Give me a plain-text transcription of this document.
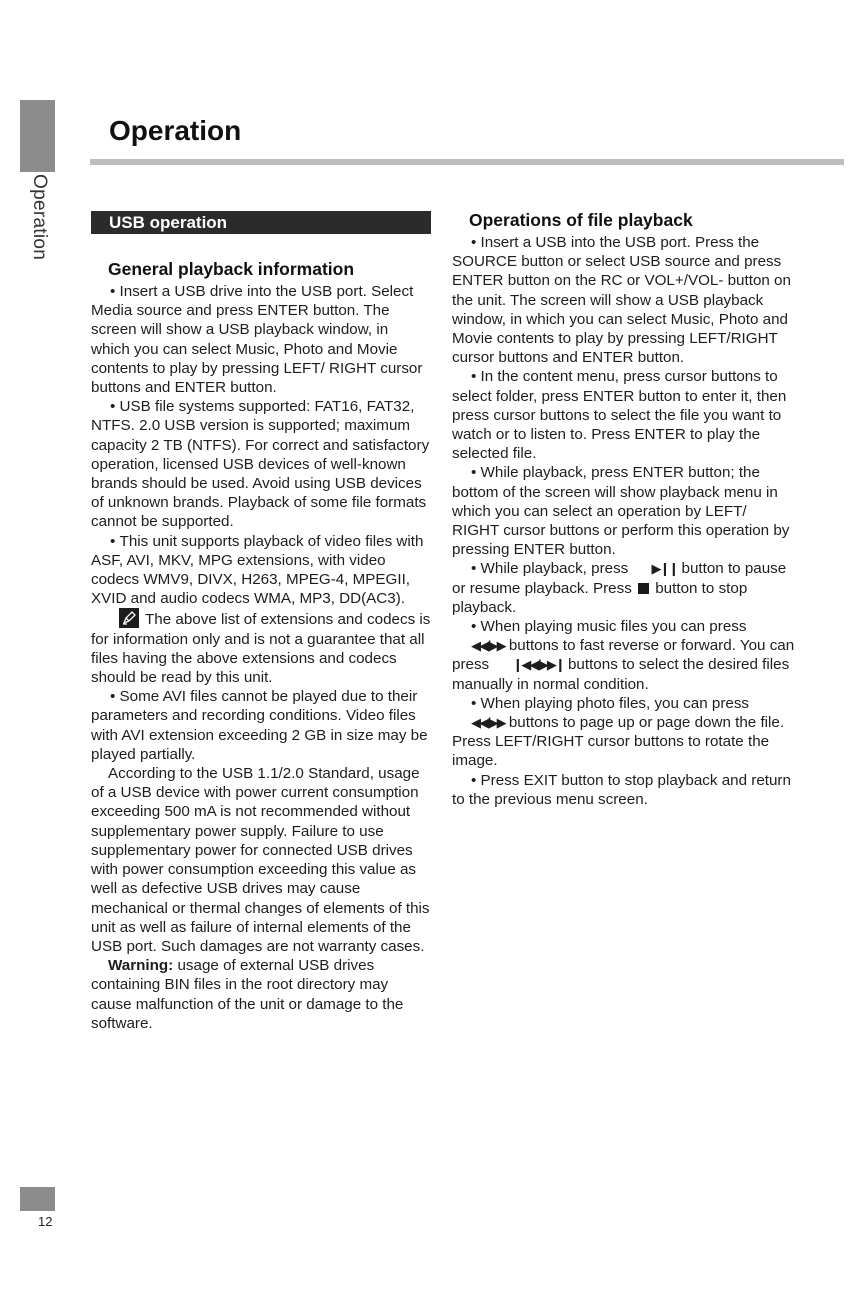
Operation
Operation
USB operation
General playback information

• Insert a USB drive into the USB port. Select Media source and press ENTER button. The screen will show a USB playback window, in which you can select Music, Photo and Movie contents to play by pressing LEFT/ RIGHT cursor buttons and ENTER button.

• USB file systems supported: FAT16, FAT32, NTFS. 2.0 USB version is supported; maximum capacity 2 TB (NTFS). For correct and satisfactory operation, licensed USB devices of well-known brands should be used. Avoid using USB devices of unknown brands. Playback of some file formats cannot be supported.

• This unit supports playback of video files with ASF, AVI, MKV, MPG extensions, with video codecs WMV9, DIVX, H263, MPEG-4, MPEGII, XVID and audio codecs WMA, MP3, DD(AC3).

The above list of extensions and codecs is for information only and is not a guarantee that all files having the above extensions and codecs should be read by this unit.

• Some AVI files cannot be played due to their parameters and recording conditions. Video files with AVI extension exceeding 2 GB in size may be played partially.

According to the USB 1.1/2.0 Standard, usage of a USB device with power current consumption exceeding 500 mA is not recommended without supplementary power supply. Failure to use supplementary power for connected USB drives with power consumption exceeding this value as well as defective USB drives may cause mechanical or thermal changes of elements of this unit as well as failure of internal elements of the USB port. Such damages are not warranty cases.

Warning: usage of external USB drives containing BIN files in the root directory may cause malfunction of the unit or damage to the software.

Operations of file playback

• Insert a USB into the USB port. Press the SOURCE button or select USB source and press ENTER button on the RC or VOL+/VOL- button on the unit. The screen will show a USB playback window, in which you can select Music, Photo and Movie contents to play by pressing LEFT/RIGHT cursor buttons and ENTER button.

• In the content menu, press cursor buttons to select folder, press ENTER button to enter it, then press cursor buttons to select the file you want to watch or to listen to. Press ENTER to play the selected file.

• While playback, press ENTER button; the bottom of the screen will show playback menu in which you can select an operation by LEFT/ RIGHT cursor buttons or perform this operation by pressing ENTER button.

• While playback, press ▶❙❙ button to pause or resume playback. Press  button to stop playback.

• When playing music files you can press ◀◀/▶▶ buttons to fast reverse or forward. You can press ❙◀◀/▶▶❙ buttons to select the desired files manually in normal condition.

• When playing photo files, you can press ◀◀/▶▶ buttons to page up or page down the file. Press LEFT/RIGHT cursor buttons to rotate the image.

• Press EXIT button to stop playback and return to the previous menu screen.

12
